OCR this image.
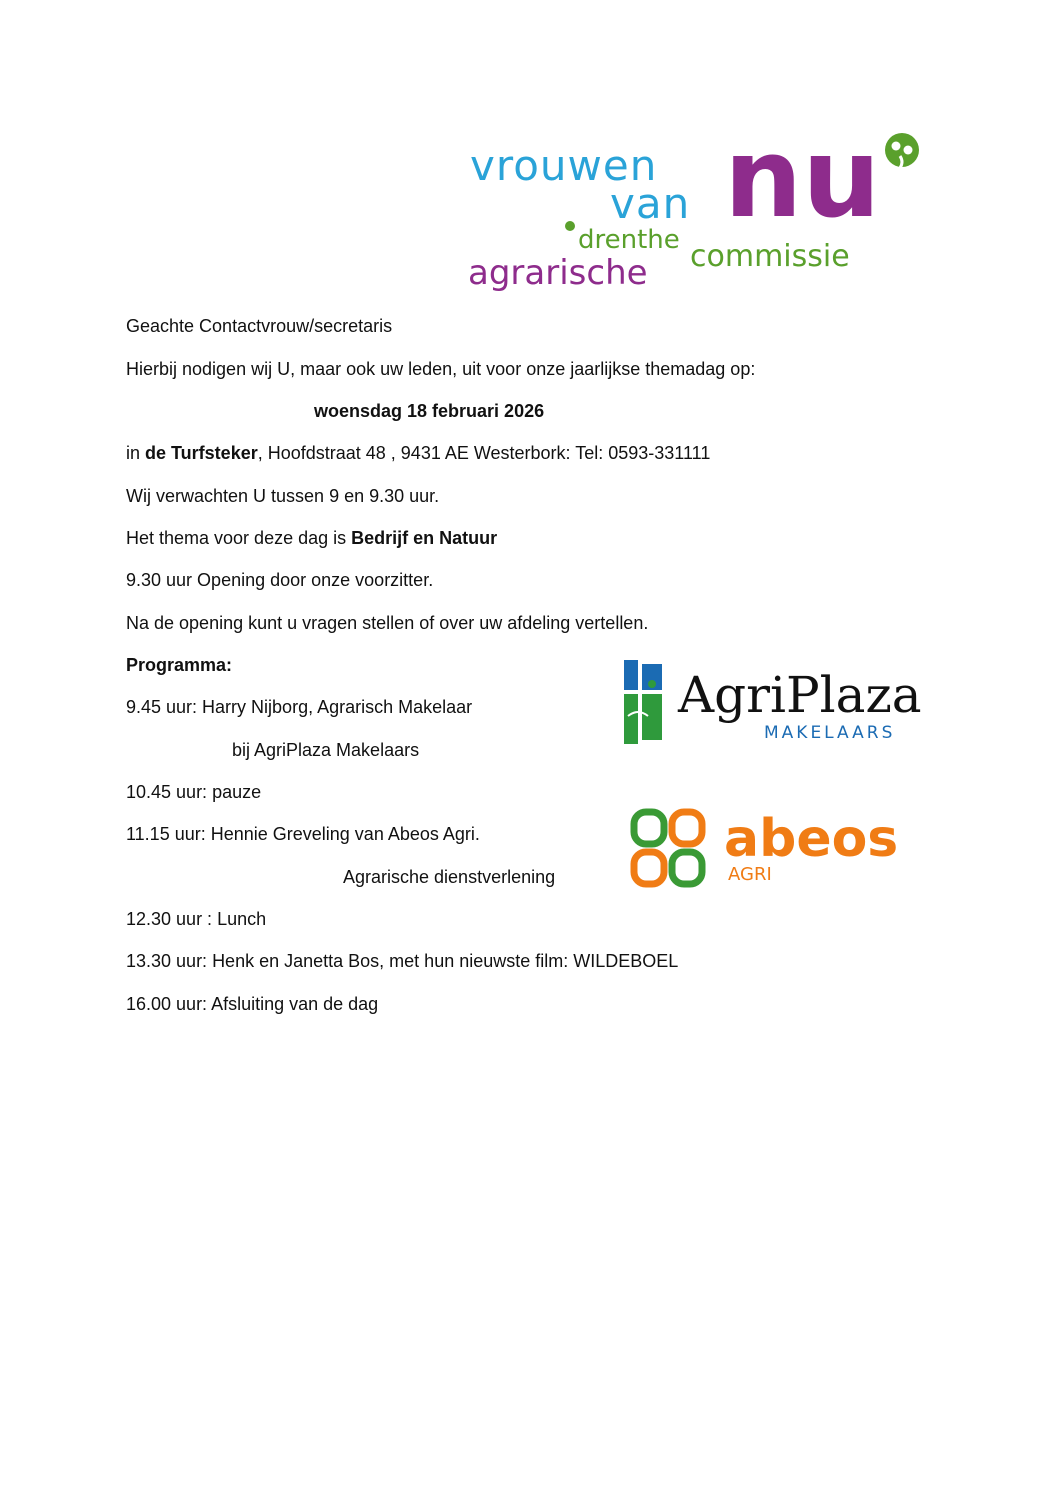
vrouwen
van nu
drenthe commissie
agrarische
Geachte Contactvrouw/secretaris
Hierbij nodigen wij U, maar ook uw leden, uit voor onze jaarlijkse themadag op:
woensdag 18 februari 2026
in de Turfsteker, Hoofdstraat 48 , 9431 AE Westerbork: Tel: 0593-331111
Wij verwachten U tussen 9 en 9.30 uur.
Het thema voor deze dag is Bedrijf en Natuur
9.30 uur Opening door onze voorzitter.
Na de opening kunt u vragen stellen of over uw afdeling vertellen.
Programma:
9.45 uur: Harry Nijborg, Agrarisch Makelaar
bij AgriPlaza Makelaars
10.45 uur: pauze
11.15 uur: Hennie Greveling van Abeos Agri.
Agrarische dienstverlening
12.30 uur : Lunch
13.30 uur: Henk en Janetta Bos, met hun nieuwste film: WILDEBOEL
16.00 uur: Afsluiting van de dag
AgriPlaza
MAKELAARS
abeos
AGRI
